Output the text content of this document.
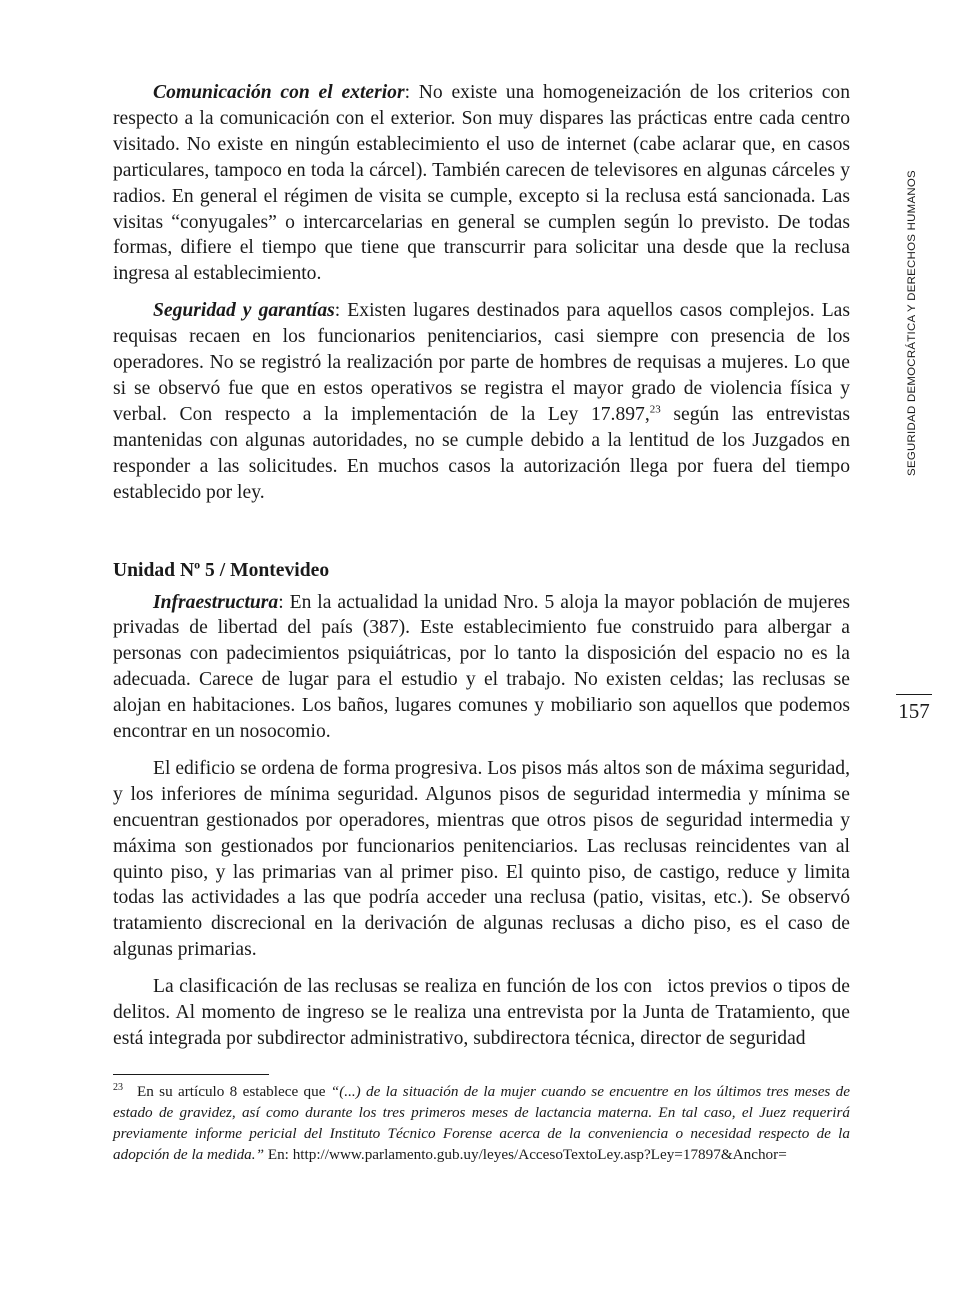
SEGURIDAD DEMOCRÁTICA Y DERECHOS HUMANOS
157

Comunicación con el exterior: No existe una homogeneización de los criterios con respecto a la comunicación con el exterior. Son muy dispares las prácticas entre cada centro visitado. No existe en ningún establecimiento el uso de internet (cabe aclarar que, en casos particulares, tampoco en toda la cárcel). También carecen de televisores en algunas cárceles y radios. En general el régimen de visita se cumple, excepto si la reclusa está sancionada. Las visitas “conyugales” o intercarcelarias en general se cumplen según lo previsto. De todas formas, difiere el tiempo que tiene que transcurrir para solicitar una desde que la reclusa ingresa al establecimiento.

Seguridad y garantías: Existen lugares destinados para aquellos casos complejos. Las requisas recaen en los funcionarios penitenciarios, casi siempre con presencia de los operadores. No se registró la realización por parte de hombres de requisas a mujeres. Lo que si se observó fue que en estos operativos se registra el mayor grado de violencia física y verbal. Con respecto a la implementación de la Ley 17.897,23 según las entrevistas mantenidas con algunas autoridades, no se cumple debido a la lentitud de los Juzgados en responder a las solicitudes. En muchos casos la autorización llega por fuera del tiempo establecido por ley.

Unidad $N^o$ 5 / Montevideo

Infraestructura: En la actualidad la unidad Nro. 5 aloja la mayor población de mujeres privadas de libertad del país (387). Este establecimiento fue construido para albergar a personas con padecimientos psiquiátricas, por lo tanto la disposición del espacio no es la adecuada. Carece de lugar para el estudio y el trabajo. No existen celdas; las reclusas se alojan en habitaciones. Los baños, lugares comunes y mobiliario son aquellos que podemos encontrar en un nosocomio.

El edificio se ordena de forma progresiva. Los pisos más altos son de máxima seguridad, y los inferiores de mínima seguridad. Algunos pisos de seguridad intermedia y mínima se encuentran gestionados por operadores, mientras que otros pisos de seguridad intermedia y máxima son gestionados por funcionarios penitenciarios. Las reclusas reincidentes van al quinto piso, y las primarias van al primer piso. El quinto piso, de castigo, reduce y limita todas las actividades a las que podría acceder una reclusa (patio, visitas, etc.). Se observó tratamiento discrecional en la derivación de algunas reclusas a dicho piso, es el caso de algunas primarias.

La clasificación de las reclusas se realiza en función de los con ictos previos o tipos de delitos. Al momento de ingreso se le realiza una entrevista por la Junta de Tratamiento, que está integrada por subdirector administrativo, subdirectora técnica, director de seguridad

$^{23}$ En su artículo 8 establece que “(...) de la situación de la mujer cuando se encuentre en los últimos tres meses de estado de gravidez, así como durante los tres primeros meses de lactancia materna. En tal caso, el Juez requerirá previamente informe pericial del Instituto Técnico Forense acerca de la conveniencia o necesidad respecto de la adopción de la medida.” En: http://www.parlamento.gub.uy/leyes/AccesoTextoLey.asp?Ley=17897&Anchor=
